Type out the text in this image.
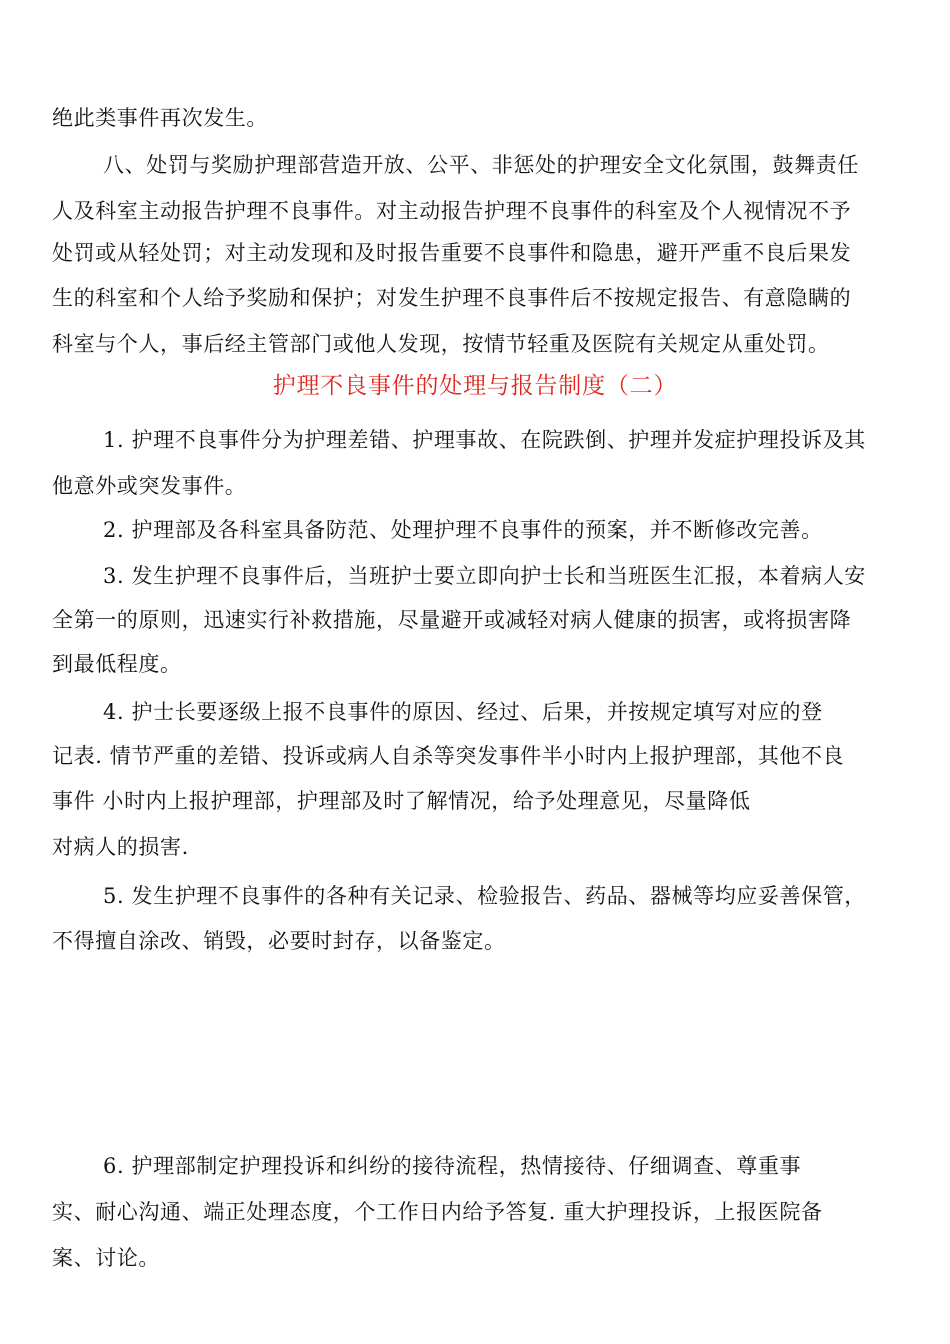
绝此类事件再次发生。
八、处罚与奖励护理部营造开放、公平、非惩处的护理安全文化氛围，鼓舞责任
人及科室主动报告护理不良事件。对主动报告护理不良事件的科室及个人视情况不予
处罚或从轻处罚；对主动发现和及时报告重要不良事件和隐患，避开严重不良后果发
生的科室和个人给予奖励和保护；对发生护理不良事件后不按规定报告、有意隐瞒的
科室与个人，事后经主管部门或他人发现，按情节轻重及医院有关规定从重处罚。
护理不良事件的处理与报告制度（二）
1. 护理不良事件分为护理差错、护理事故、在院跌倒、护理并发症护理投诉及其
他意外或突发事件。
2. 护理部及各科室具备防范、处理护理不良事件的预案，并不断修改完善。
3. 发生护理不良事件后，当班护士要立即向护士长和当班医生汇报，本着病人安
全第一的原则，迅速实行补救措施，尽量避开或减轻对病人健康的损害，或将损害降
到最低程度。
4. 护士长要逐级上报不良事件的原因、经过、后果，并按规定填写对应的登
记表. 情节严重的差错、投诉或病人自杀等突发事件半小时内上报护理部，其他不良
事件 小时内上报护理部，护理部及时了解情况，给予处理意见，尽量降低
对病人的损害.
5. 发生护理不良事件的各种有关记录、检验报告、药品、器械等均应妥善保管，
不得擅自涂改、销毁，必要时封存，以备鉴定。
6. 护理部制定护理投诉和纠纷的接待流程，热情接待、仔细调查、尊重事
实、耐心沟通、端正处理态度，个工作日内给予答复. 重大护理投诉，上报医院备
案、讨论。
